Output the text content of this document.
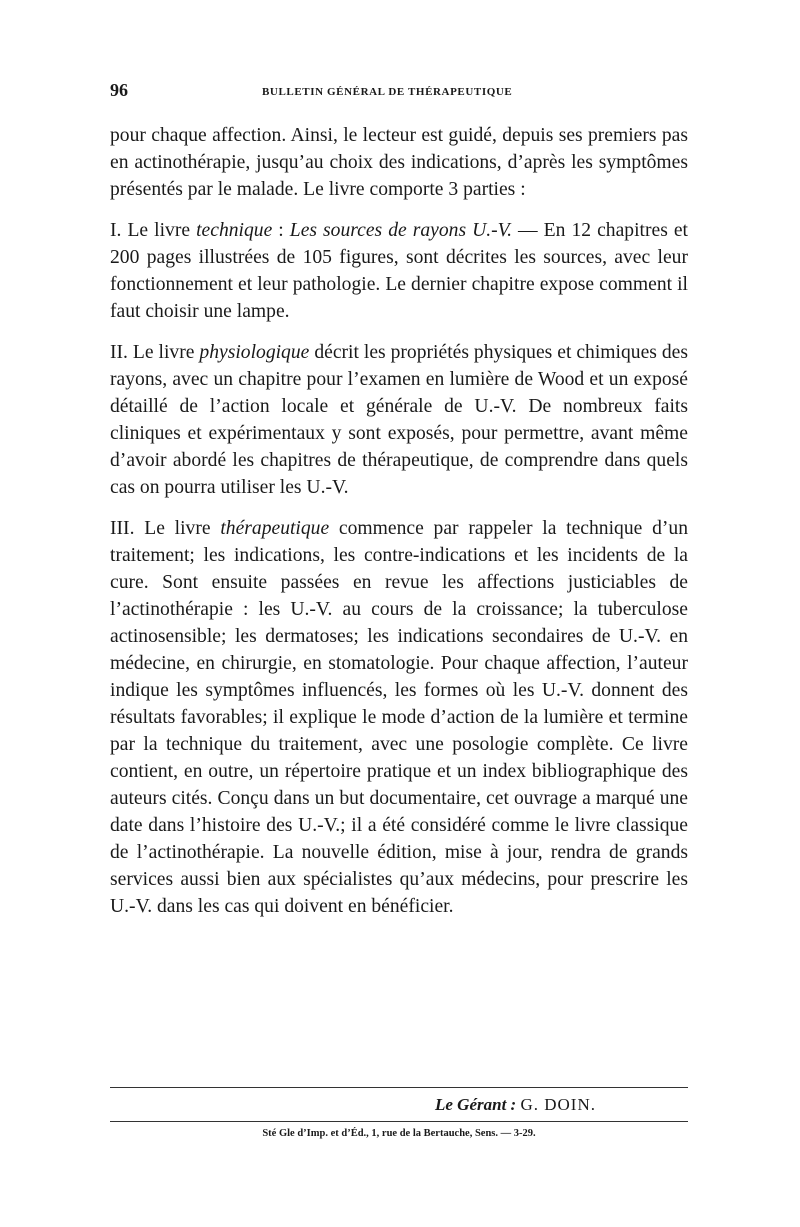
96	BULLETIN GÉNÉRAL DE THÉRAPEUTIQUE

pour chaque affection. Ainsi, le lecteur est guidé, depuis ses premiers pas en actinothérapie, jusqu’au choix des indications, d’après les symptômes présentés par le malade. Le livre comporte 3 parties :

I. Le livre technique : Les sources de rayons U.-V. — En 12 chapitres et 200 pages illustrées de 105 figures, sont décrites les sources, avec leur fonctionnement et leur pathologie. Le dernier chapitre expose comment il faut choisir une lampe.

II. Le livre physiologique décrit les propriétés physiques et chimiques des rayons, avec un chapitre pour l’examen en lumière de Wood et un exposé détaillé de l’action locale et générale de U.-V. De nombreux faits cliniques et expérimentaux y sont exposés, pour permettre, avant même d’avoir abordé les chapitres de thérapeutique, de comprendre dans quels cas on pourra utiliser les U.-V.

III. Le livre thérapeutique commence par rappeler la technique d’un traitement; les indications, les contre-indications et les incidents de la cure. Sont ensuite passées en revue les affections justiciables de l’actinothérapie : les U.-V. au cours de la croissance; la tuberculose actinosensible; les dermatoses; les indications secondaires de U.-V. en médecine, en chirurgie, en stomatologie. Pour chaque affection, l’auteur indique les symptômes influencés, les formes où les U.-V. donnent des résultats favorables; il explique le mode d’action de la lumière et termine par la technique du traitement, avec une posologie complète. Ce livre contient, en outre, un répertoire pratique et un index bibliographique des auteurs cités. Conçu dans un but documentaire, cet ouvrage a marqué une date dans l’histoire des U.-V.; il a été considéré comme le livre classique de l’actinothérapie. La nouvelle édition, mise à jour, rendra de grands services aussi bien aux spécialistes qu’aux médecins, pour prescrire les U.-V. dans les cas qui doivent en bénéficier.

Le Gérant : G. DOIN.
Sté Gle d’Imp. et d’Éd., 1, rue de la Bertauche, Sens. — 3-29.
